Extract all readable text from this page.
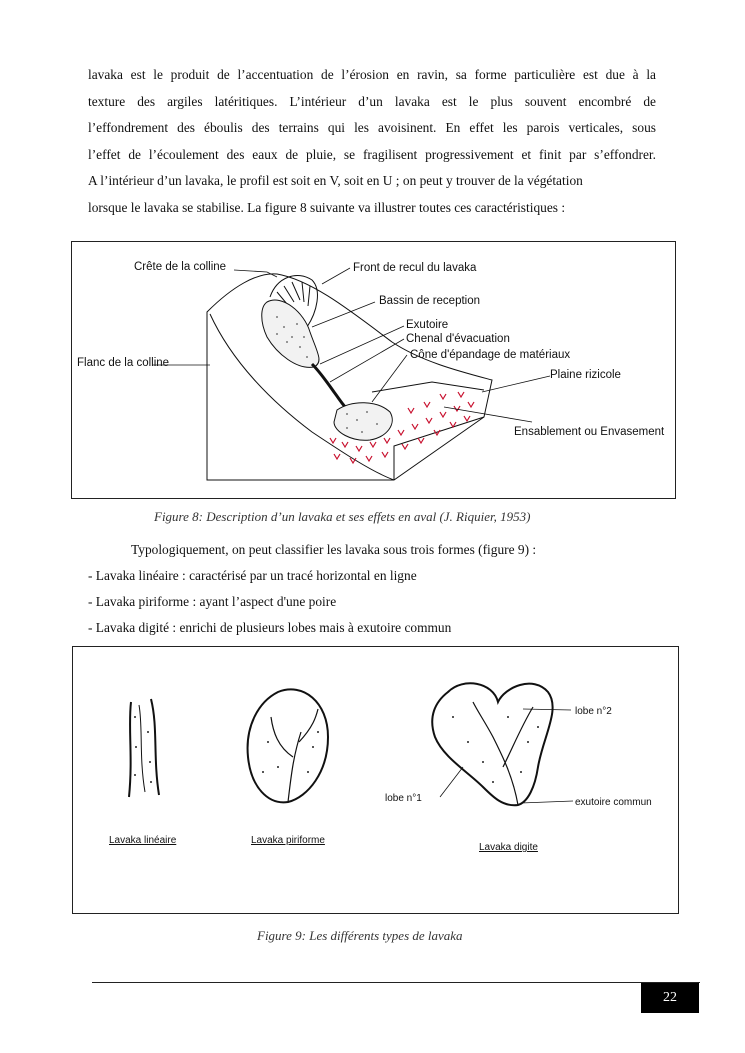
lavaka est le produit de l’accentuation de l’érosion en ravin, sa forme particulière est due à la
texture des argiles latéritiques. L’intérieur d’un lavaka est le plus souvent encombré de
l’effondrement des éboulis des terrains qui les avoisinent. En effet les parois verticales, sous
l’effet de l’écoulement des eaux de pluie, se fragilisent progressivement et finit par s’effondrer.
A l’intérieur d’un lavaka, le profil est soit en V, soit en U ; on peut y trouver de la végétation
lorsque le lavaka se stabilise. La figure 8 suivante va illustrer toutes ces caractéristiques :
Crête de la colline	Front de recul du lavaka
Bassin de reception
Exutoire
Chenal d'évacuation
Cône d'épandage de matériaux
Plaine rizicole
Flanc de la colline
Ensablement ou Envasement
Figure 8: Description d’un lavaka et ses effets en aval (J. Riquier, 1953)
Typologiquement, on peut classifier les lavaka sous trois formes (figure 9) :
- Lavaka linéaire : caractérisé par un tracé horizontal en ligne
- Lavaka piriforme : ayant l’aspect d'une poire
- Lavaka digité : enrichi de plusieurs lobes mais à exutoire commun
Lavaka linéaire	Lavaka piriforme
Lavaka digite
lobe n°2
lobe n°1	exutoire commun
Figure 9: Les différents types de lavaka
22
